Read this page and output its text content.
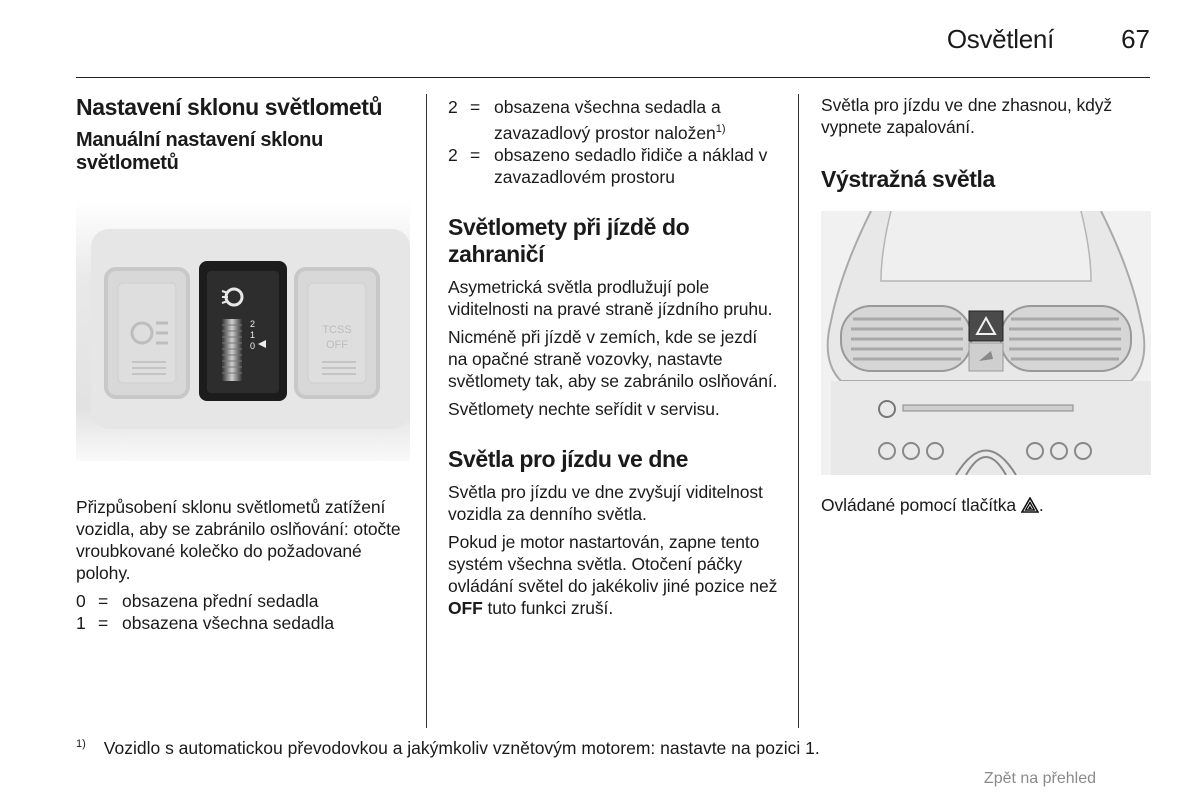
Osvětlení	67
Nastavení sklonu světlometů
Manuální nastavení sklonu světlometů
2
1
0
TCSS
OFF

Přizpůsobení sklonu světlometů zatížení vozidla, aby se zabránilo oslňování: otočte vroubkované kolečko do požadované polohy.

0 = obsazena přední sedadla
1 = obsazena všechna sedadla
2 = obsazena všechna sedadla a zavazadlový prostor naložen$^{1)}$
2 = obsazeno sedadlo řidiče a náklad v zavazadlovém prostoru
Světlomety při jízdě do zahraničí

Asymetrická světla prodlužují pole viditelnosti na pravé straně jízdního pruhu.

Nicméně při jízdě v zemích, kde se jezdí na opačné straně vozovky, nastavte světlomety tak, aby se zabránilo oslňování.

Světlomety nechte seřídit v servisu.

Světla pro jízdu ve dne

Světla pro jízdu ve dne zvyšují viditelnost vozidla za denního světla.

Pokud je motor nastartován, zapne tento systém všechna světla. Otočení páčky ovládání světel do jakékoliv jiné pozice než OFF tuto funkci zruší.

Světla pro jízdu ve dne zhasnou, když vypnete zapalování.

Výstražná světla

Ovládané pomocí tlačítka .

$^{1)}$ Vozidlo s automatickou převodovkou a jakýmkoliv vznětovým motorem: nastavte na pozici 1.
Zpět na přehled
